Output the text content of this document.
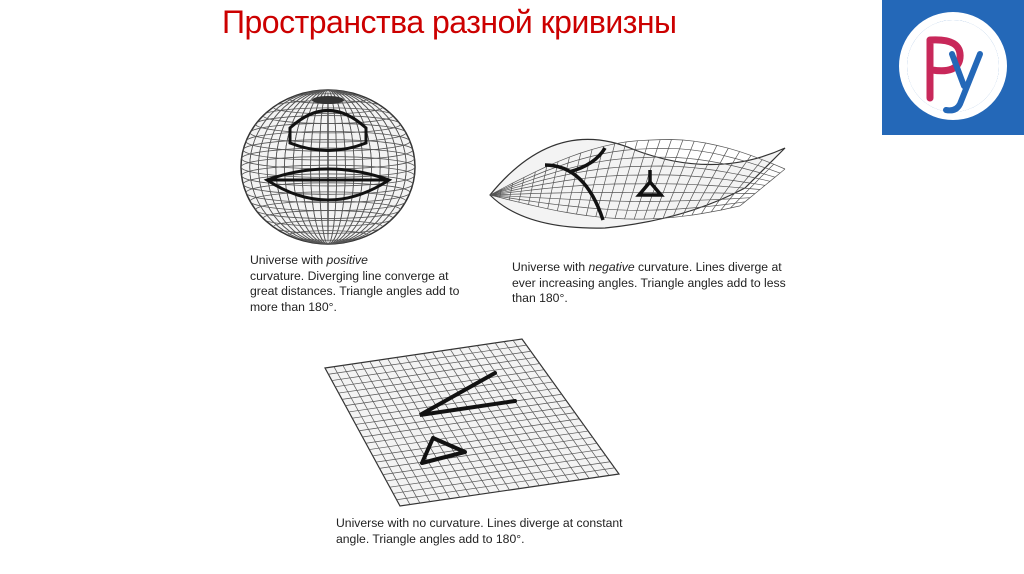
Пространства разной кривизны
Universe with positive
curvature. Diverging line converge at great distances. Triangle angles add to more than 180°.
Universe with negative curvature. Lines diverge at ever increasing angles. Triangle angles add to less than 180°.
Universe with no curvature. Lines diverge at constant angle. Triangle angles add to 180°.
